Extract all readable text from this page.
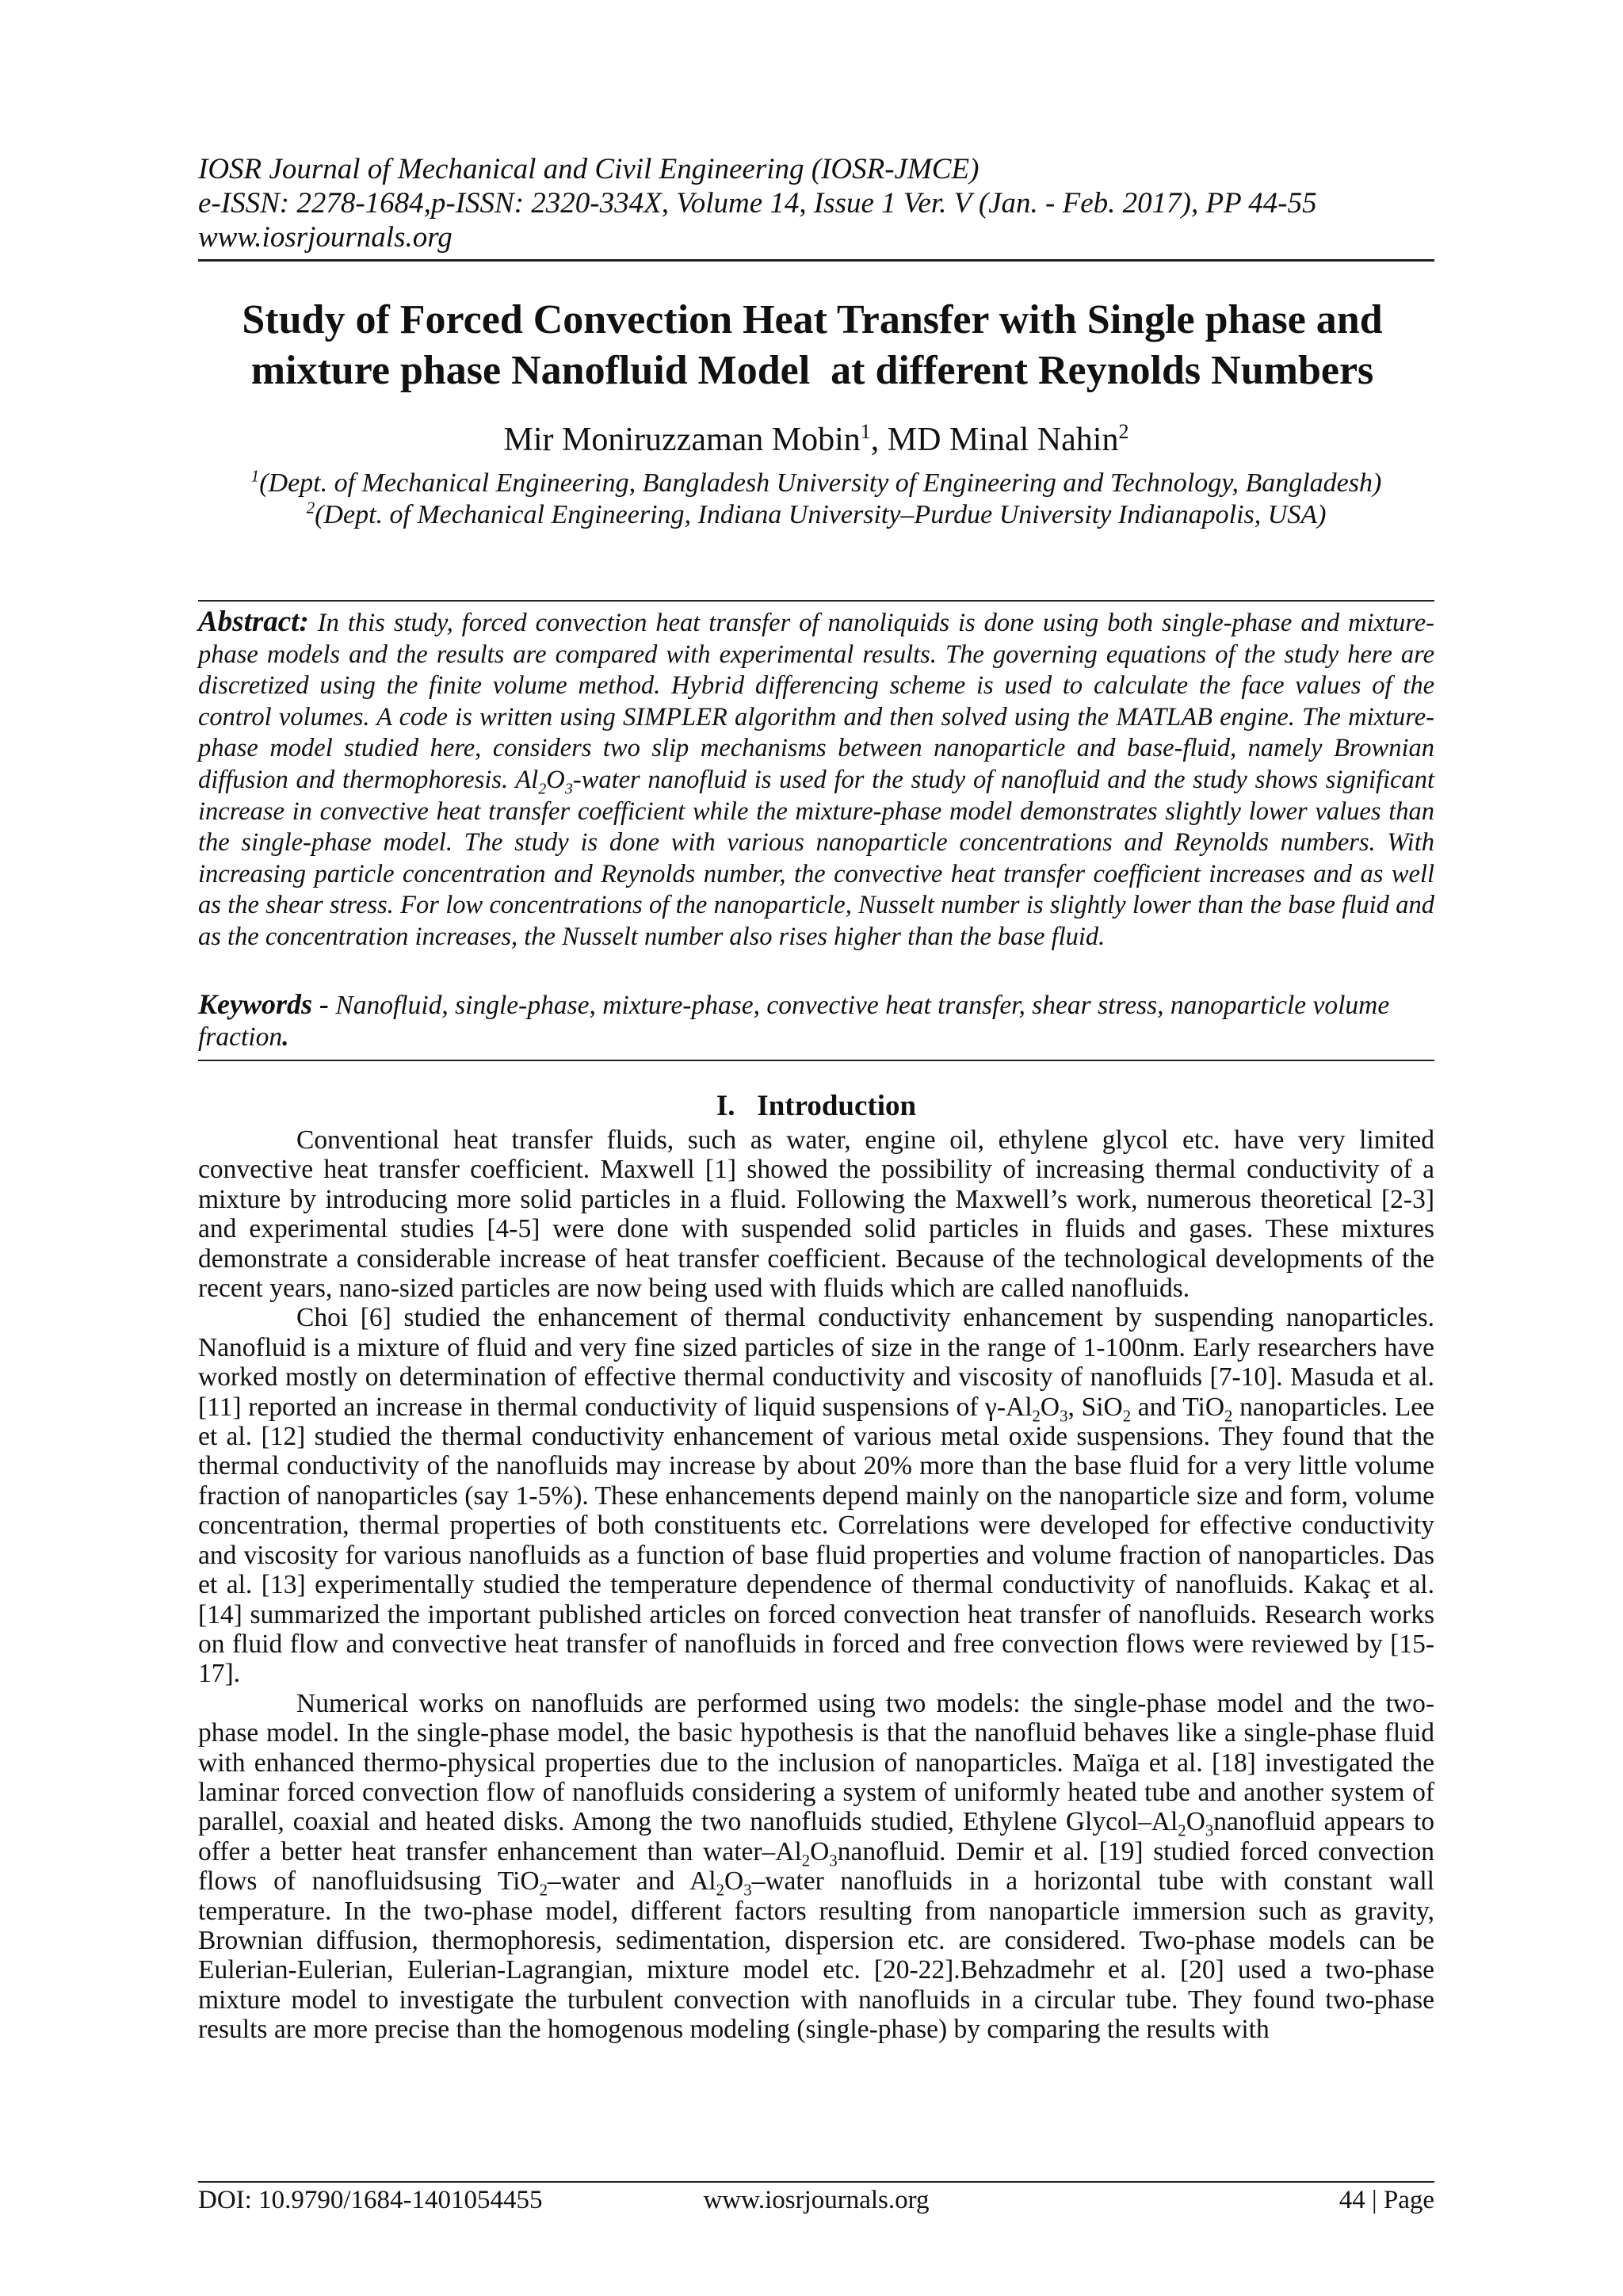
IOSR Journal of Mechanical and Civil Engineering (IOSR-JMCE)
e-ISSN: 2278-1684,p-ISSN: 2320-334X, Volume 14, Issue 1 Ver. V (Jan. - Feb. 2017), PP 44-55
www.iosrjournals.org
Study of Forced Convection Heat Transfer with Single phase and
mixture phase Nanofluid Model  at different Reynolds Numbers
Mir Moniruzzaman Mobin$^1$, MD Minal Nahin$^2$
$^1$(Dept. of Mechanical Engineering, Bangladesh University of Engineering and Technology, Bangladesh)
$^2$(Dept. of Mechanical Engineering, Indiana University–Purdue University Indianapolis, USA)
Abstract: In this study, forced convection heat transfer of nanoliquids is done using both single-phase and mixture-phase models and the results are compared with experimental results. The governing equations of the study here are discretized using the finite volume method. Hybrid differencing scheme is used to calculate the face values of the control volumes. A code is written using SIMPLER algorithm and then solved using the MATLAB engine. The mixture-phase model studied here, considers two slip mechanisms between nanoparticle and base-fluid, namely Brownian diffusion and thermophoresis. $Al_2O_3$-water nanofluid is used for the study of nanofluid and the study shows significant increase in convective heat transfer coefficient while the mixture-phase model demonstrates slightly lower values than the single-phase model. The study is done with various nanoparticle concentrations and Reynolds numbers. With increasing particle concentration and Reynolds number, the convective heat transfer coefficient increases and as well as the shear stress. For low concentrations of the nanoparticle, Nusselt number is slightly lower than the base fluid and as the concentration increases, the Nusselt number also rises higher than the base fluid.
Keywords - Nanofluid, single-phase, mixture-phase, convective heat transfer, shear stress, nanoparticle volume fraction.
I.   Introduction

Conventional heat transfer fluids, such as water, engine oil, ethylene glycol etc. have very limited convective heat transfer coefficient. Maxwell [1] showed the possibility of increasing thermal conductivity of a mixture by introducing more solid particles in a fluid. Following the Maxwell’s work, numerous theoretical [2-3] and experimental studies [4-5] were done with suspended solid particles in fluids and gases. These mixtures demonstrate a considerable increase of heat transfer coefficient. Because of the technological developments of the recent years, nano-sized particles are now being used with fluids which are called nanofluids.

Choi [6] studied the enhancement of thermal conductivity enhancement by suspending nanoparticles. Nanofluid is a mixture of fluid and very fine sized particles of size in the range of 1-100nm. Early researchers have worked mostly on determination of effective thermal conductivity and viscosity of nanofluids [7-10]. Masuda et al. [11] reported an increase in thermal conductivity of liquid suspensions of $\gamma-Al_2O_3$, SiO$_2$ and TiO$_2$ nanoparticles. Lee et al. [12] studied the thermal conductivity enhancement of various metal oxide suspensions. They found that the thermal conductivity of the nanofluids may increase by about 20% more than the base fluid for a very little volume fraction of nanoparticles (say 1-5%). These enhancements depend mainly on the nanoparticle size and form, volume concentration, thermal properties of both constituents etc. Correlations were developed for effective conductivity and viscosity for various nanofluids as a function of base fluid properties and volume fraction of nanoparticles. Das et al. [13] experimentally studied the temperature dependence of thermal conductivity of nanofluids. Kakaç et al.[14] summarized the important published articles on forced convection heat transfer of nanofluids. Research works on fluid flow and convective heat transfer of nanofluids in forced and free convection flows were reviewed by [15-17].

Numerical works on nanofluids are performed using two models: the single-phase model and the two-phase model. In the single-phase model, the basic hypothesis is that the nanofluid behaves like a single-phase fluid with enhanced thermo-physical properties due to the inclusion of nanoparticles. Maïga et al. [18] investigated the laminar forced convection flow of nanofluids considering a system of uniformly heated tube and another system of parallel, coaxial and heated disks. Among the two nanofluids studied, Ethylene Glycol–$Al_2O_3nanofluid$ appears to offer a better heat transfer enhancement than water–$Al_2O_3nanofluid$. Demir et al. [19] studied forced convection flows of nanofluidsusing TiO$_2$–water and $Al_2O_3$–water nanofluids in a horizontal tube with constant wall temperature. In the two-phase model, different factors resulting from nanoparticle immersion such as gravity, Brownian diffusion, thermophoresis, sedimentation, dispersion etc. are considered. Two-phase models can be Eulerian-Eulerian, Eulerian-Lagrangian, mixture model etc. [20-22].Behzadmehr et al. [20] used a two-phase mixture model to investigate the turbulent convection with nanofluids in a circular tube. They found two-phase results are more precise than the homogenous modeling (single-phase) by comparing the results with

www.iosrjournals.org
DOI: 10.9790/1684-1401054455	44 | Page
